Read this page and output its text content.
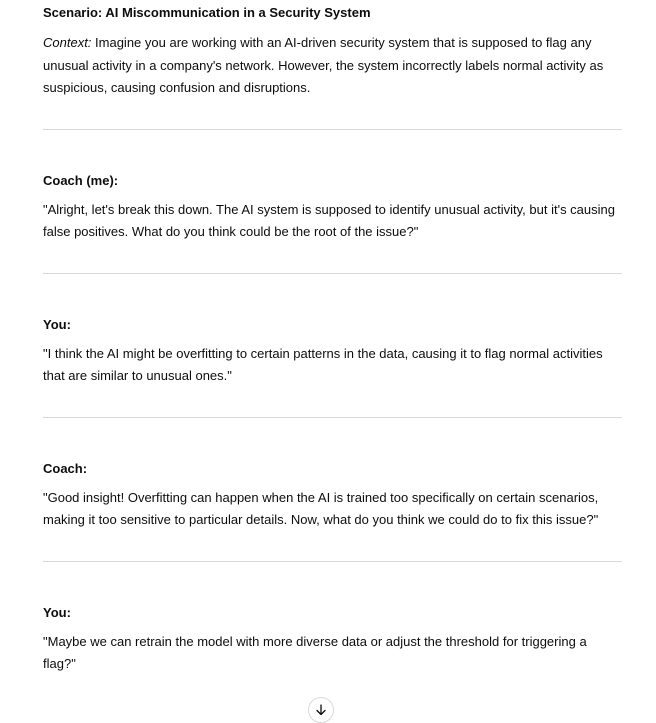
Scenario: AI Miscommunication in a Security System
Context: Imagine you are working with an AI-driven security system that is supposed to flag any unusual activity in a company's network. However, the system incorrectly labels normal activity as suspicious, causing confusion and disruptions.
Coach (me):
"Alright, let's break this down. The AI system is supposed to identify unusual activity, but it's causing false positives. What do you think could be the root of the issue?"
You:
"I think the AI might be overfitting to certain patterns in the data, causing it to flag normal activities that are similar to unusual ones."
Coach:
"Good insight! Overfitting can happen when the AI is trained too specifically on certain scenarios, making it too sensitive to particular details. Now, what do you think we could do to fix this issue?"
You:
"Maybe we can retrain the model with more diverse data or adjust the threshold for triggering a flag?"
